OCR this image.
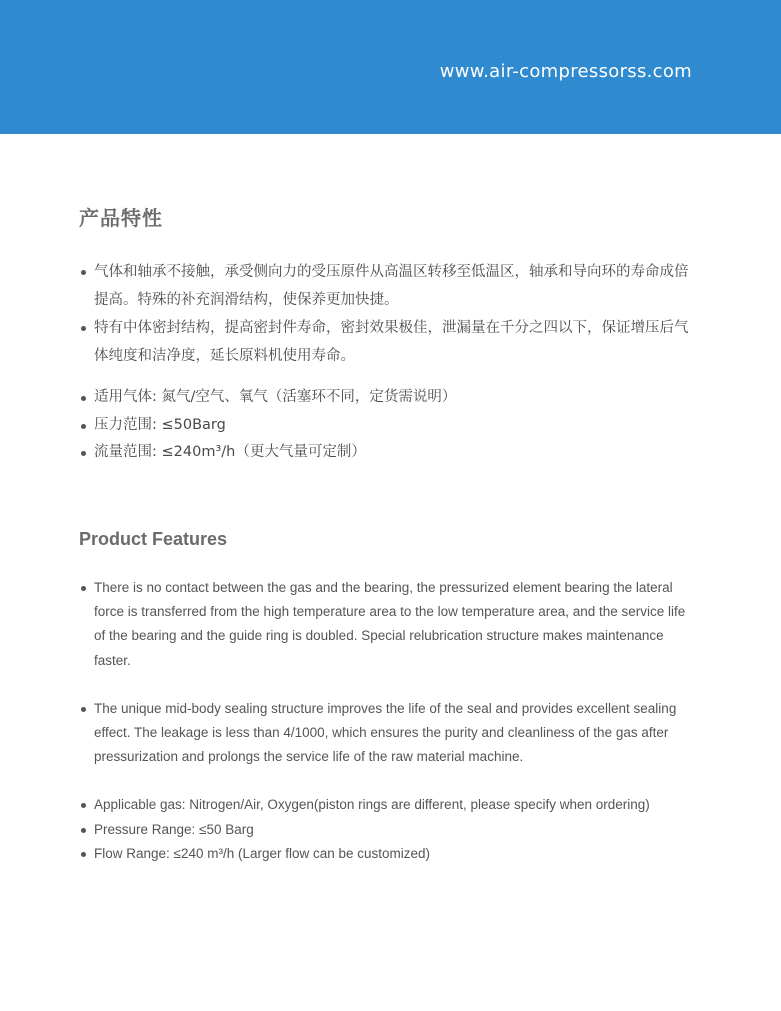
www.air-compressorss.com
产品特性
气体和轴承不接触，承受侧向力的受压原件从高温区转移至低温区，轴承和导向环的寿命成倍提高。特殊的补充润滑结构，使保养更加快捷。
特有中体密封结构，提高密封件寿命，密封效果极佳，泄漏量在千分之四以下，保证增压后气体纯度和洁净度，延长原料机使用寿命。
适用气体: 氮气/空气、氧气（活塞环不同，定货需说明）
压力范围: ≤50Barg
流量范围: ≤240m³/h（更大气量可定制）
Product Features
There is no contact between the gas and the bearing, the pressurized element bearing the lateral force is transferred from the high temperature area to the low temperature area, and the service life of the bearing and the guide ring is doubled. Special relubrication structure makes maintenance faster.
The unique mid-body sealing structure improves the life of the seal and provides excellent sealing effect. The leakage is less than 4/1000, which ensures the purity and cleanliness of the gas after pressurization and prolongs the service life of the raw material machine.
Applicable gas: Nitrogen/Air, Oxygen(piston rings are different, please specify when ordering)
Pressure Range: ≤50 Barg
Flow Range: ≤240 m³/h (Larger flow can be customized)
